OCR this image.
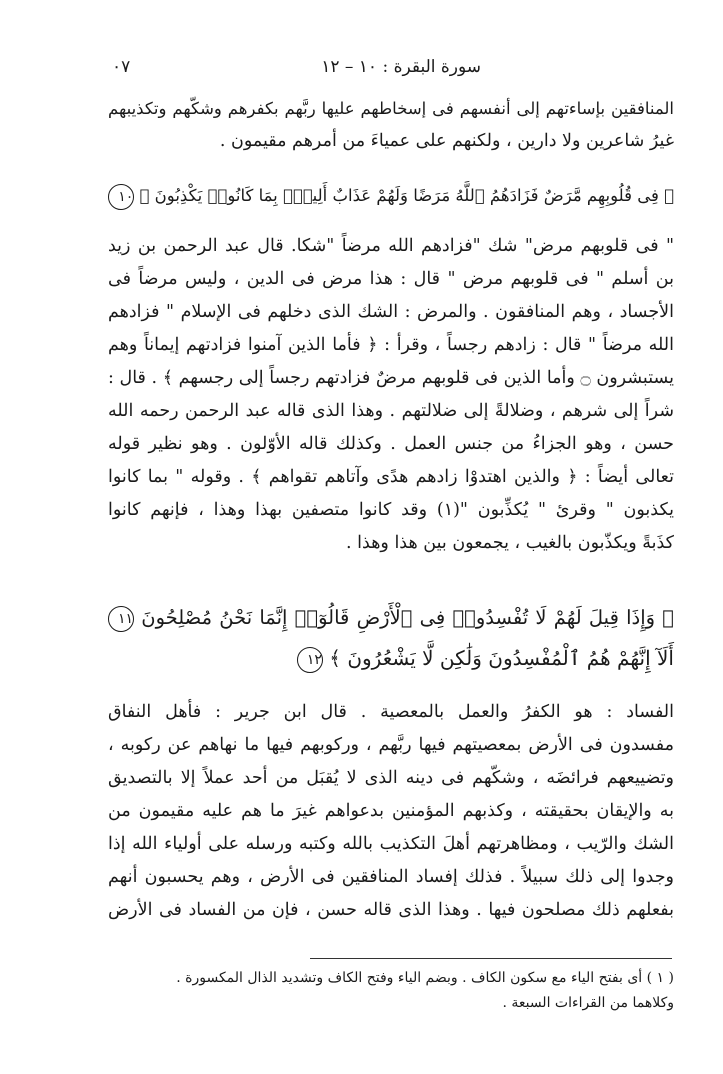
سورة البقرة : ١٠ – ١٢
٠٧

المنافقين بإساءتهم إلى أنفسهم فى إسخاطهم عليها ربَّهم بكفرهم وشكّهم وتكذيبهم

غيرُ شاعرين ولا دارين ، ولكنهم على عمياءَ من أمرهم مقيمون .

﴿ فِى قُلُوبِهِم مَّرَضٌ فَزَادَهُمُ ٱللَّهُ مَرَضًا وَلَهُمْ عَذَابٌ أَلِيمٌۢ بِمَا كَانُوا۟ يَكْذِبُونَ ﴾ ١٠

" فى قلوبهم مرض" شك "فزادهم الله مرضاً "شكا. قال عبد الرحمن بن زيد

بن أسلم " فى قلوبهم مرض " قال : هذا مرض فى الدين ، وليس مرضاً فى

الأجساد ، وهم المنافقون . والمرض : الشك الذى دخلهم فى الإسلام " فزادهم

الله مرضاً " قال : زادهم رجساً ، وقرأ : ﴿ فأما الذين آمنوا فزادتهم إيماناً وهم

يستبشرون ۝ وأما الذين فى قلوبهم مرضٌ فزادتهم رجساً إلى رجسهم ﴾ . قال :

شراً إلى شرهم ، وضلالةً إلى ضلالتهم . وهذا الذى قاله عبد الرحمن رحمه الله

حسن ، وهو الجزاءُ من جنس العمل . وكذلك قاله الأوّلون . وهو نظير قوله

تعالى أيضاً : ﴿ والذين اهتدوْا زادهم هدًى وآتاهم تقواهم ﴾ . وقوله " بما كانوا

يكذبون " وقرئ " يُكذِّبون "(١) وقد كانوا متصفين بهذا وهذا ، فإنهم كانوا

كذَبةً ويكذّبون بالغيب ، يجمعون بين هذا وهذا .

﴿ وَإِذَا قِيلَ لَهُمْ لَا تُفْسِدُوا۟ فِى ٱلْأَرْضِ قَالُوٓا۟ إِنَّمَا نَحْنُ مُصْلِحُونَ ١١

أَلَآ إِنَّهُمْ هُمُ ٱلْمُفْسِدُونَ وَلَٰكِن لَّا يَشْعُرُونَ ﴾ ١٢

الفساد : هو الكفرُ والعمل بالمعصية . قال ابن جرير : فأهل النفاق

مفسدون فى الأرض بمعصيتهم فيها ربَّهم ، وركوبهم فيها ما نهاهم عن ركوبه ،

وتضييعهم فرائضَه ، وشكّهم فى دينه الذى لا يُقبَل من أحد عملاً إلا بالتصديق

به والإيقان بحقيقته ، وكذبهم المؤمنين بدعواهم غيرَ ما هم عليه مقيمون من

الشك والرّيب ، ومظاهرتهم أهلَ التكذيب بالله وكتبه ورسله على أولياء الله إذا

وجدوا إلى ذلك سبيلاً . فذلك إفساد المنافقين فى الأرض ، وهم يحسبون أنهم

بفعلهم ذلك مصلحون فيها . وهذا الذى قاله حسن ، فإن من الفساد فى الأرض

( ١ ) أى بفتح الياء مع سكون الكاف . وبضم الياء وفتح الكاف وتشديد الذال المكسورة .

وكلاهما من القراءات السبعة .
